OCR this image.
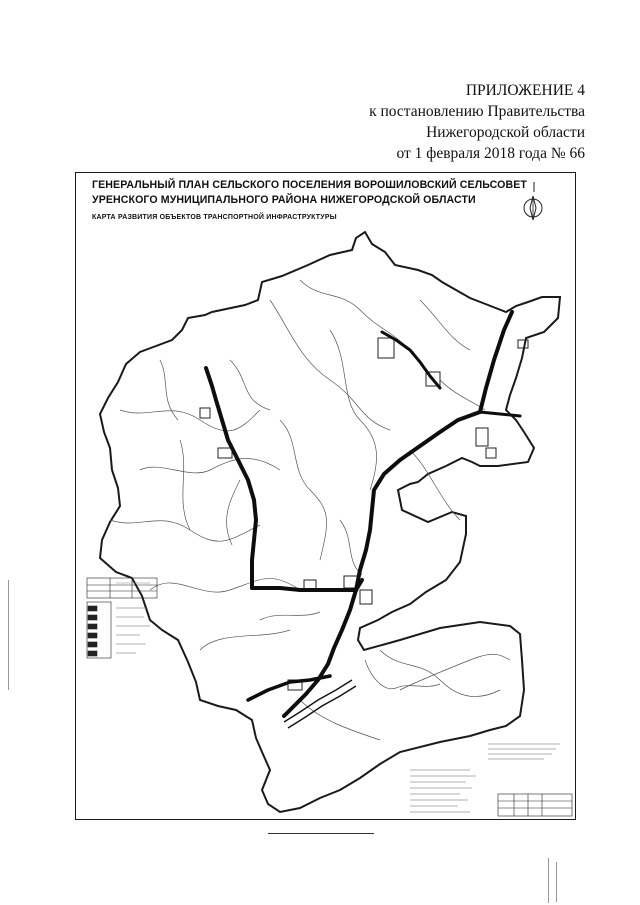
ПРИЛОЖЕНИЕ 4
к постановлению Правительства
Нижегородской области
от 1 февраля 2018 года № 66
ГЕНЕРАЛЬНЫЙ ПЛАН СЕЛЬСКОГО ПОСЕЛЕНИЯ ВОРОШИЛОВСКИЙ СЕЛЬСОВЕТ
УРЕНСКОГО МУНИЦИПАЛЬНОГО РАЙОНА НИЖЕГОРОДСКОЙ ОБЛАСТИ
КАРТА РАЗВИТИЯ ОБЪЕКТОВ ТРАНСПОРТНОЙ ИНФРАСТРУКТУРЫ
